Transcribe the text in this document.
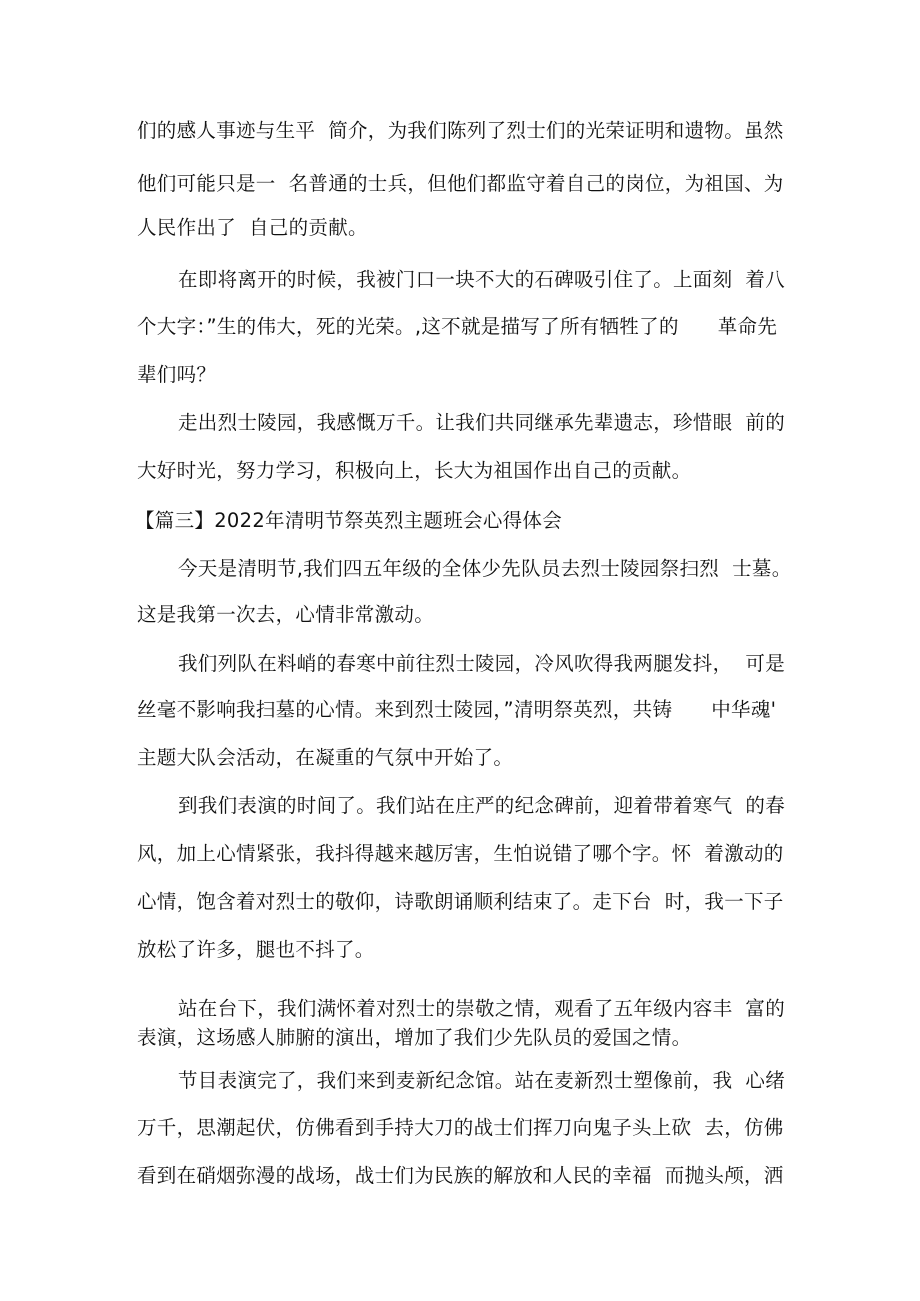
们的感人事迹与生平  简介，为我们陈列了烈士们的光荣证明和遗物。虽然

他们可能只是一  名普通的士兵，但他们都监守着自己的岗位，为祖国、为

人民作出了  自己的贡献。

在即将离开的时候，我被门口一块不大的石碑吸引住了。上面刻  着八

个大字：”生的伟大，死的光荣。,这不就是描写了所有牺牲了的      革命先

辈们吗？

走出烈士陵园，我感慨万千。让我们共同继承先辈遗志，珍惜眼  前的

大好时光，努力学习，积极向上，长大为祖国作出自己的贡献。

【篇三】2022年清明节祭英烈主题班会心得体会

今天是清明节,我们四五年级的全体少先队员去烈士陵园祭扫烈  士墓。

这是我第一次去，心情非常激动。

我们列队在料峭的春寒中前往烈士陵园，冷风吹得我两腿发抖，  可是

丝毫不影响我扫墓的心情。来到烈士陵园，”清明祭英烈，共铸      中华魂'

主题大队会活动，在凝重的气氛中开始了。

到我们表演的时间了。我们站在庄严的纪念碑前，迎着带着寒气  的春

风，加上心情紧张，我抖得越来越厉害，生怕说错了哪个字。怀  着激动的

心情，饱含着对烈士的敬仰，诗歌朗诵顺利结束了。走下台  时，我一下子

放松了许多，腿也不抖了。

站在台下，我们满怀着对烈士的崇敬之情，观看了五年级内容丰  富的

表演，这场感人肺腑的演出，增加了我们少先队员的爱国之情。

节目表演完了，我们来到麦新纪念馆。站在麦新烈士塑像前，我  心绪

万千，思潮起伏，仿佛看到手持大刀的战士们挥刀向鬼子头上砍  去，仿佛

看到在硝烟弥漫的战场，战士们为民族的解放和人民的幸福  而抛头颅，洒
